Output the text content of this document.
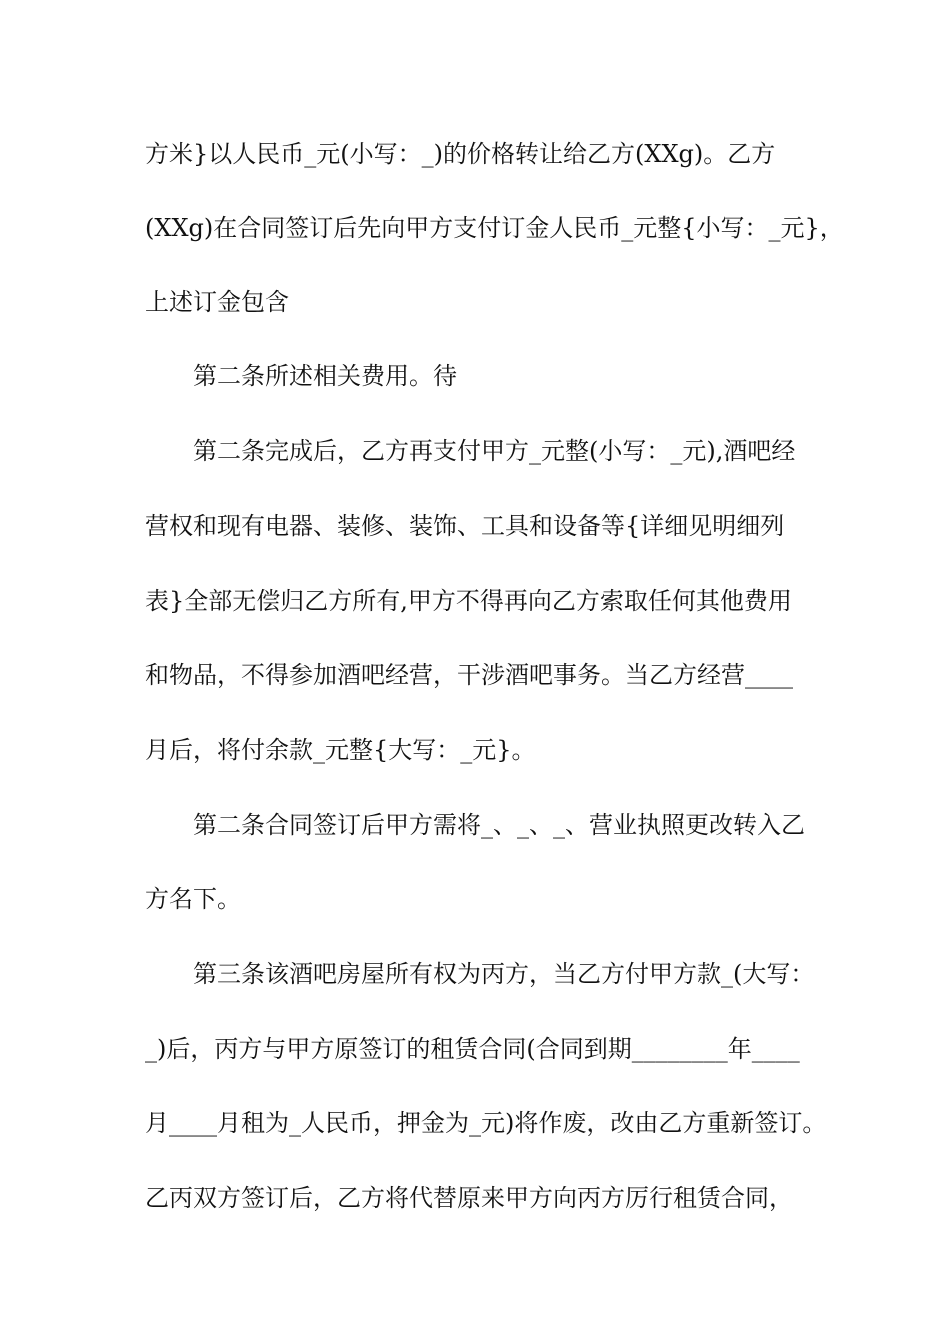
方米}以人民币_元(小写：_)的价格转让给乙方(XXg)。乙方
(XXg)在合同签订后先向甲方支付订金人民币_元整{小写：_元}，
上述订金包含
第二条所述相关费用。待
第二条完成后，乙方再支付甲方_元整(小写：_元),酒吧经
营权和现有电器、装修、装饰、工具和设备等{详细见明细列
表}全部无偿归乙方所有,甲方不得再向乙方索取任何其他费用
和物品，不得参加酒吧经营，干涉酒吧事务。当乙方经营____
月后，将付余款_元整{大写：_元}。
第二条合同签订后甲方需将_、_、_、营业执照更改转入乙
方名下。
第三条该酒吧房屋所有权为丙方，当乙方付甲方款_(大写：
_)后，丙方与甲方原签订的租赁合同(合同到期________年____
月____月租为_人民币，押金为_元)将作废，改由乙方重新签订。
乙丙双方签订后，乙方将代替原来甲方向丙方厉行租赁合同，
